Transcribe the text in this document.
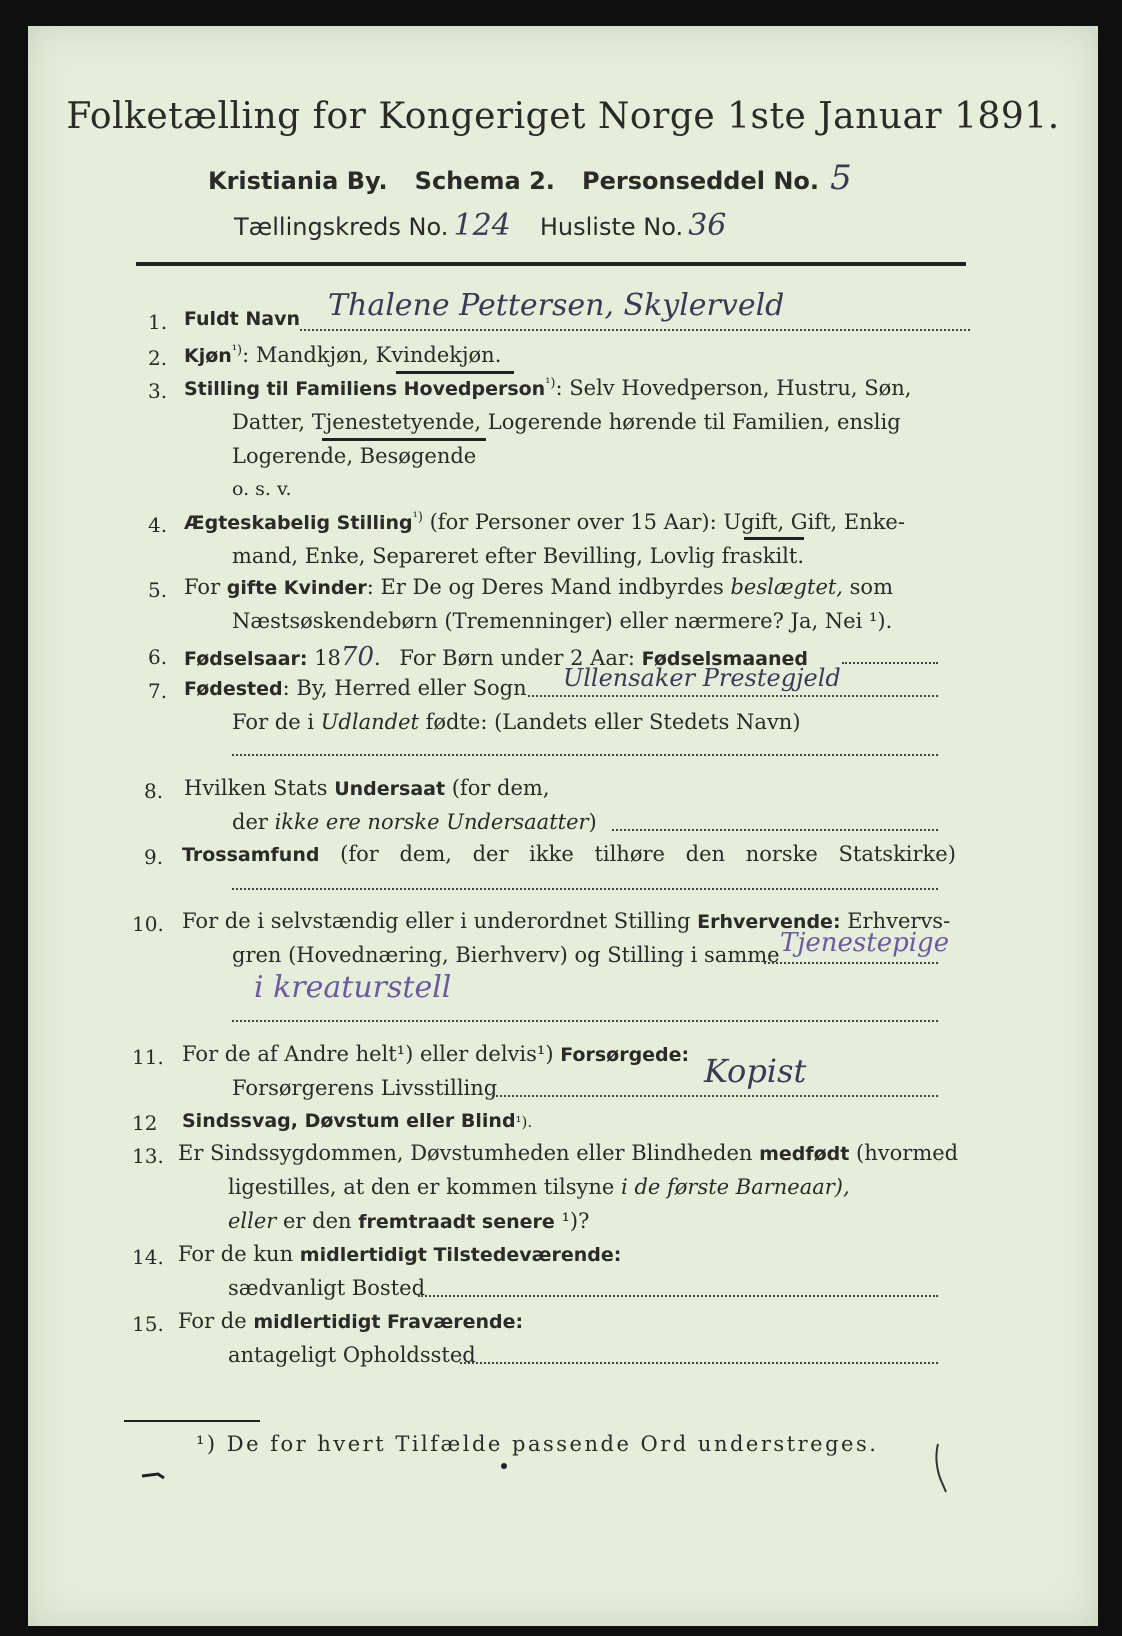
Folketælling for Kongeriget Norge 1ste Januar 1891.
Kristiania By. Schema 2. Personseddel No. 5
Tællingskreds No. 124 Husliste No. 36
1. Fuldt Navn Thalene Pettersen, Skylerveld
2. Kjøn$^{^1)}$: Mandkjøn, Kvindekjøn.
3. Stilling til Familiens Hovedperson$^{^1)}$: Selv Hovedperson, Hustru, Søn,
Datter, Tjenestetyende, Logerende hørende til Familien, enslig
Logerende, Besøgende
o. s. v.
4. Ægteskabelig Stilling$^{^1)}$ (for Personer over 15 Aar): Ugift, Gift, Enke-
mand, Enke, Separeret efter Bevilling, Lovlig fraskilt.
5. For gifte Kvinder: Er De og Deres Mand indbyrdes beslægtet, som
Næstsøskendebørn (Tremenninger) eller nærmere? Ja, Nei ¹).
6. Fødselsaar: 1870. For Børn under 2 Aar: Fødselsmaaned
7. Fødested: By, Herred eller Sogn Ullensaker Prestegjeld
For de i Udlandet fødte: (Landets eller Stedets Navn)
8. Hvilken Stats Undersaat (for dem,
der ikke ere norske Undersaatter)
9. Trossamfund (for dem, der ikke tilhøre den norske Statskirke)
10. For de i selvstændig eller i underordnet Stilling Erhvervende: Erhvervs-
gren (Hovednæring, Bierhverv) og Stilling i samme Tjenestepige
i kreaturstell
11. For de af Andre helt¹) eller delvis¹) Forsørgede:
Forsørgerens Livsstilling	Kopist
12 Sindssvag, Døvstum eller Blind¹).
13. Er Sindssygdommen, Døvstumheden eller Blindheden medfødt (hvormed
ligestilles, at den er kommen tilsyne i de første Barneaar),
eller er den fremtraadt senere ¹)?
14. For de kun midlertidigt Tilstedeværende:
sædvanligt Bosted
15. For de midlertidigt Fraværende:
antageligt Opholdssted
¹) De for hvert Tilfælde passende Ord understreges.
